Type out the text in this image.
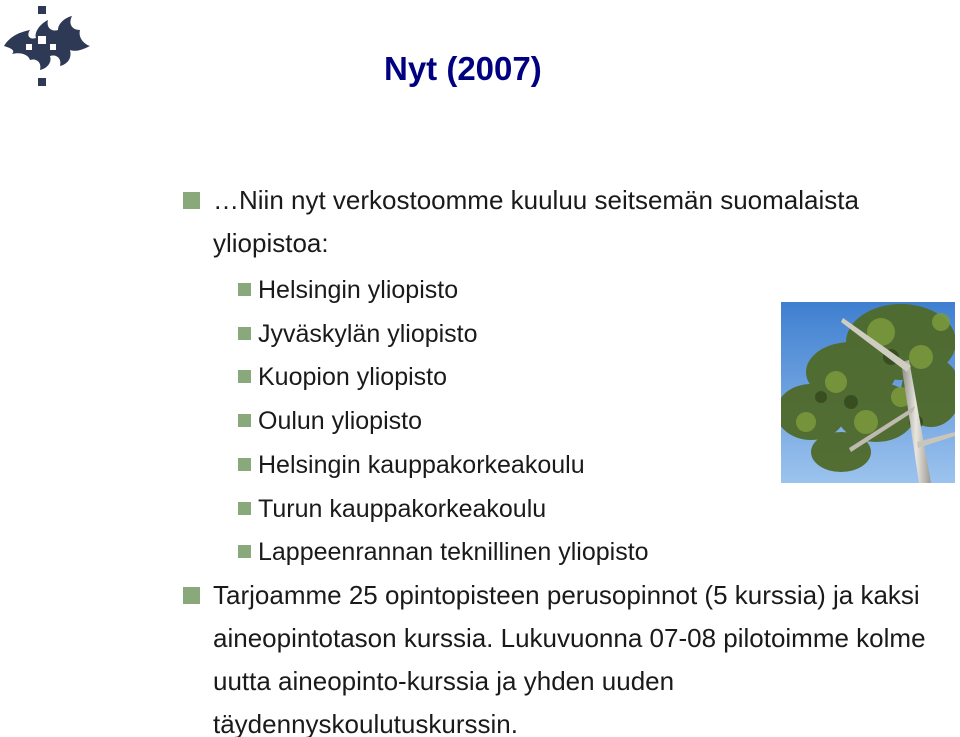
Nyt (2007)

…Niin nyt verkostoomme kuuluu seitsemän suomalaista yliopistoa:

Helsingin yliopisto

Jyväskylän yliopisto

Kuopion yliopisto

Oulun yliopisto

Helsingin kauppakorkeakoulu

Turun kauppakorkeakoulu

Lappeenrannan teknillinen yliopisto

Tarjoamme 25 opintopisteen perusopinnot (5 kurssia) ja kaksi aineopintotason kurssia. Lukuvuonna 07-08 pilotoimme kolme uutta aineopinto-kurssia ja yhden uuden täydennyskoulutuskurssin.
